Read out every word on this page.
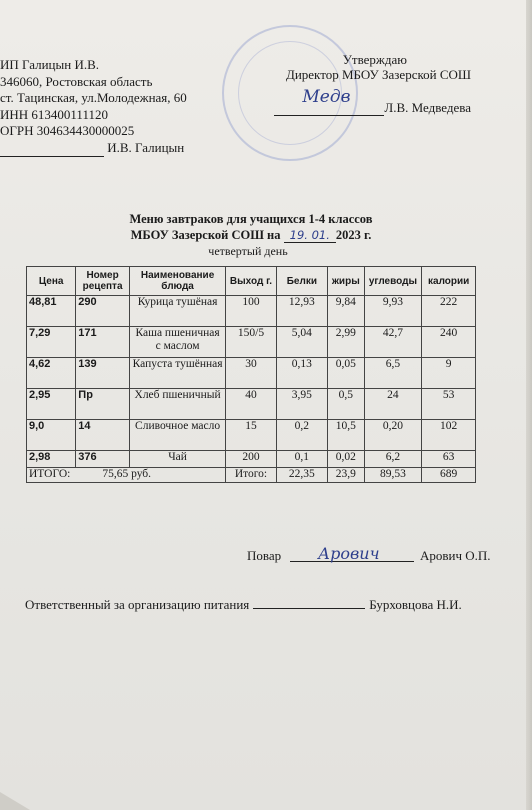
ИП Галицын И.В.
346060, Ростовская область
ст. Тацинская, ул.Молодежная, 60
ИНН 613400111120
ОГРН 304634430000025
И.В. Галицын
Утверждаю
Директор МБОУ Зазерской СОШ

Медв
Л.В. Медведева
Меню завтраков для учащихся 1-4 классов
МБОУ Зазерской СОШ на 19. 01. 2023 г.
четвертый день
Цена	Номер рецепта	Наименование блюда	Выход г.	Белки	жиры	углеводы	калории
48,81	290	Курица тушёная	100	12,93	9,84	9,93	222
7,29	171	Каша пшеничная с маслом	150/5	5,04	2,99	42,7	240
4,62	139	Капуста тушённая	30	0,13	0,05	6,5	9
2,95	Пр	Хлеб пшеничный	40	3,95	0,5	24	53
9,0	14	Сливочное масло	15	0,2	10,5	0,20	102
2,98	376	Чай	200	0,1	0,02	6,2	63
ИТОГО: 75,65 руб.			Итого:	22,35	23,9	89,53	689
Повар Арович	Арович О.П.
Ответственный за организацию питания	Бурховцова Н.И.
